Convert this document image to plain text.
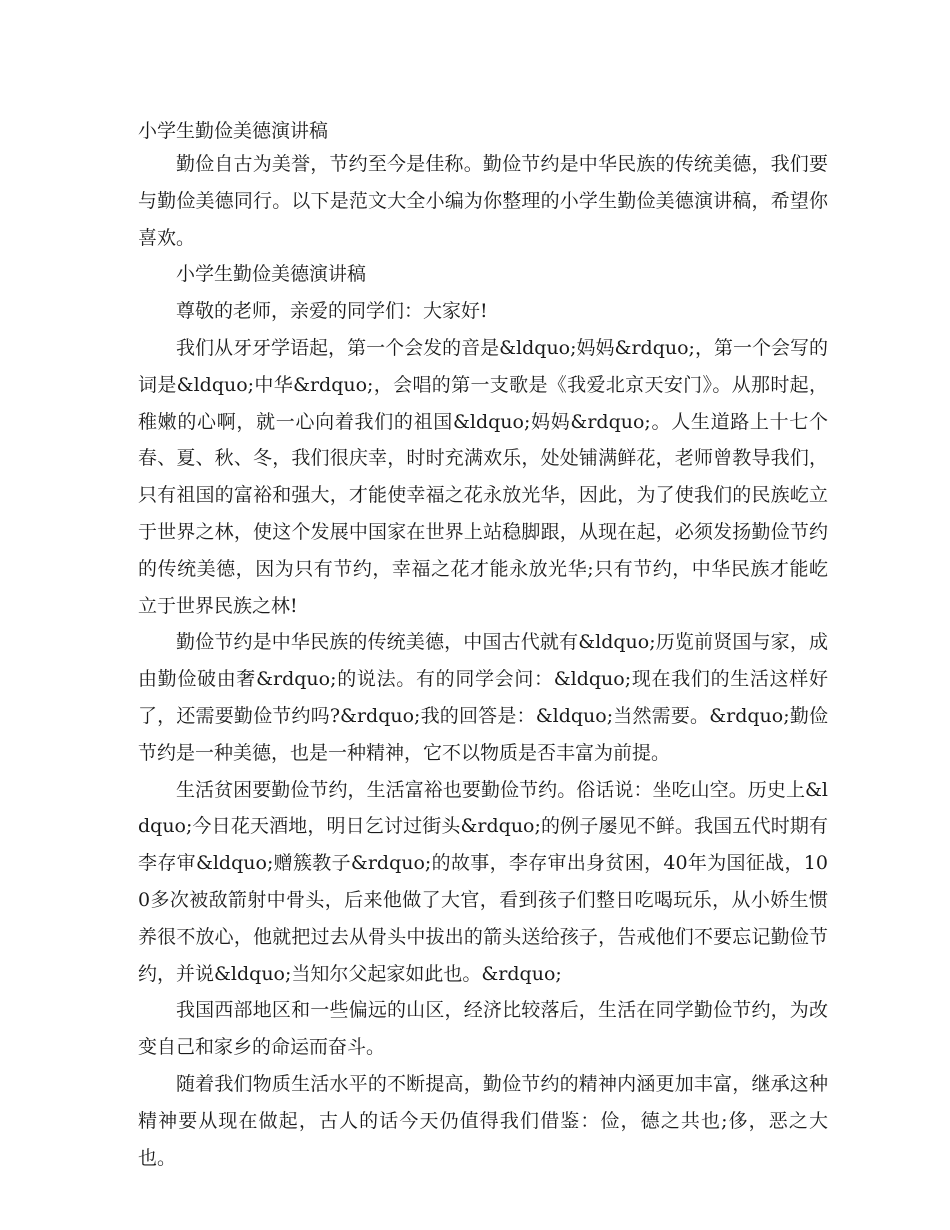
小学生勤俭美德演讲稿

勤俭自古为美誉，节约至今是佳称。勤俭节约是中华民族的传统美德，我们要与勤俭美德同行。以下是范文大全小编为你整理的小学生勤俭美德演讲稿，希望你喜欢。

小学生勤俭美德演讲稿

尊敬的老师，亲爱的同学们：大家好!

我们从牙牙学语起，第一个会发的音是&ldquo;妈妈&rdquo;，第一个会写的词是&ldquo;中华&rdquo;，会唱的第一支歌是《我爱北京天安门》。从那时起，稚嫩的心啊，就一心向着我们的祖国&ldquo;妈妈&rdquo;。人生道路上十七个春、夏、秋、冬，我们很庆幸，时时充满欢乐，处处铺满鲜花，老师曾教导我们，只有祖国的富裕和强大，才能使幸福之花永放光华，因此，为了使我们的民族屹立于世界之林，使这个发展中国家在世界上站稳脚跟，从现在起，必须发扬勤俭节约的传统美德，因为只有节约，幸福之花才能永放光华;只有节约，中华民族才能屹立于世界民族之林!

勤俭节约是中华民族的传统美德，中国古代就有&ldquo;历览前贤国与家，成由勤俭破由奢&rdquo;的说法。有的同学会问：&ldquo;现在我们的生活这样好了，还需要勤俭节约吗?&rdquo;我的回答是：&ldquo;当然需要。&rdquo;勤俭节约是一种美德，也是一种精神，它不以物质是否丰富为前提。

生活贫困要勤俭节约，生活富裕也要勤俭节约。俗话说：坐吃山空。历史上&ldquo;今日花天酒地，明日乞讨过街头&rdquo;的例子屡见不鲜。我国五代时期有李存审&ldquo;赠簇教子&rdquo;的故事，李存审出身贫困，40年为国征战，100多次被敌箭射中骨头，后来他做了大官，看到孩子们整日吃喝玩乐，从小娇生惯养很不放心，他就把过去从骨头中拔出的箭头送给孩子，告戒他们不要忘记勤俭节约，并说&ldquo;当知尔父起家如此也。&rdquo;

我国西部地区和一些偏远的山区，经济比较落后，生活在同学勤俭节约，为改变自己和家乡的命运而奋斗。

随着我们物质生活水平的不断提高，勤俭节约的精神内涵更加丰富，继承这种精神要从现在做起，古人的话今天仍值得我们借鉴：俭，德之共也;侈，恶之大也。
